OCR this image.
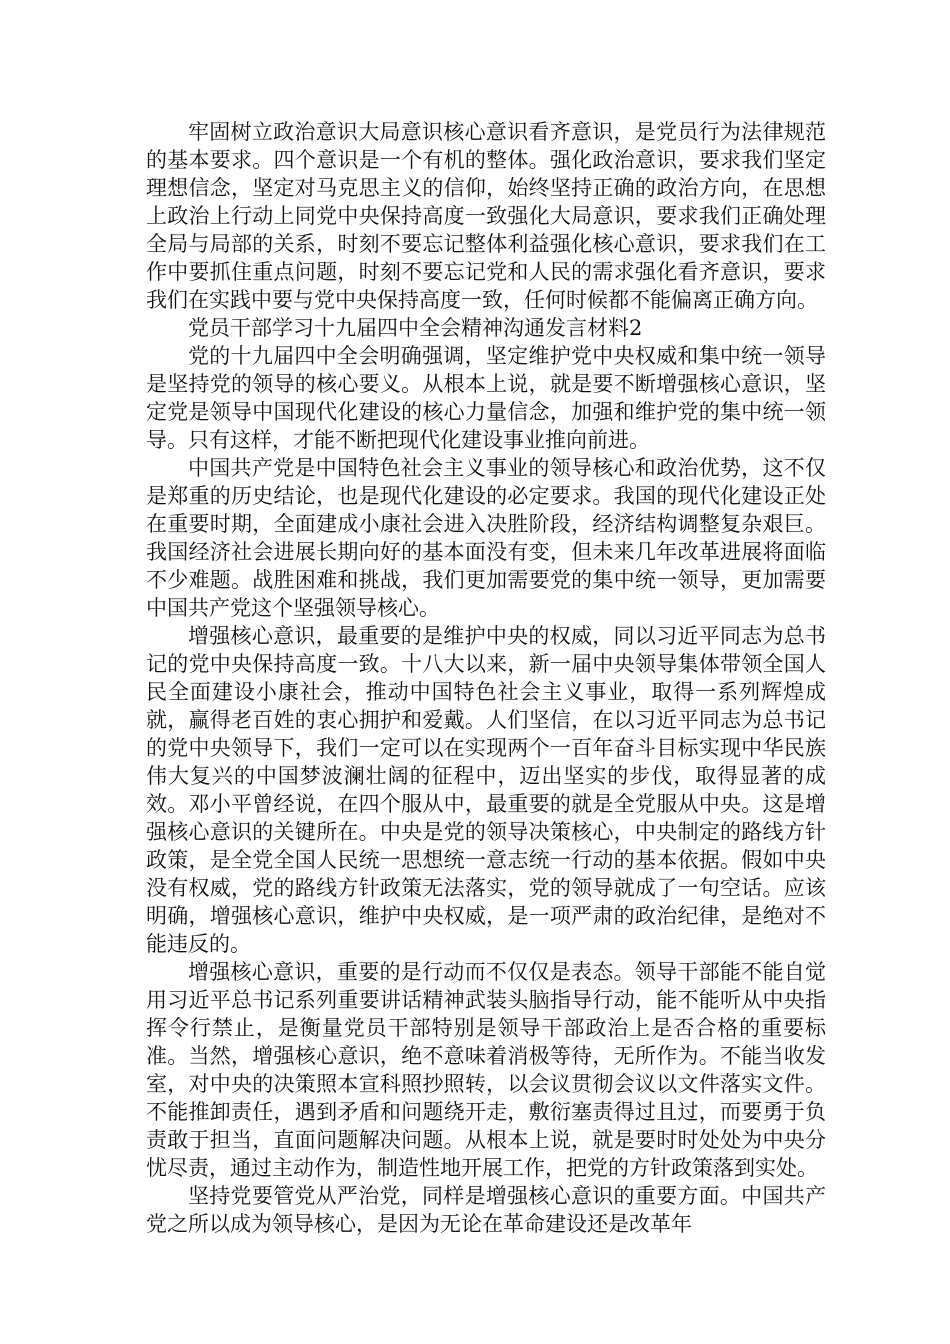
牢固树立政治意识大局意识核心意识看齐意识，是党员行为法律规范的基本要求。四个意识是一个有机的整体。强化政治意识，要求我们坚定理想信念，坚定对马克思主义的信仰，始终坚持正确的政治方向，在思想上政治上行动上同党中央保持高度一致强化大局意识，要求我们正确处理全局与局部的关系，时刻不要忘记整体利益强化核心意识，要求我们在工作中要抓住重点问题，时刻不要忘记党和人民的需求强化看齐意识，要求我们在实践中要与党中央保持高度一致，任何时候都不能偏离正确方向。

党员干部学习十九届四中全会精神沟通发言材料2

党的十九届四中全会明确强调，坚定维护党中央权威和集中统一领导是坚持党的领导的核心要义。从根本上说，就是要不断增强核心意识，坚定党是领导中国现代化建设的核心力量信念，加强和维护党的集中统一领导。只有这样，才能不断把现代化建设事业推向前进。

中国共产党是中国特色社会主义事业的领导核心和政治优势，这不仅是郑重的历史结论，也是现代化建设的必定要求。我国的现代化建设正处在重要时期，全面建成小康社会进入决胜阶段，经济结构调整复杂艰巨。我国经济社会进展长期向好的基本面没有变，但未来几年改革进展将面临不少难题。战胜困难和挑战，我们更加需要党的集中统一领导，更加需要中国共产党这个坚强领导核心。

增强核心意识，最重要的是维护中央的权威，同以习近平同志为总书记的党中央保持高度一致。十八大以来，新一届中央领导集体带领全国人民全面建设小康社会，推动中国特色社会主义事业，取得一系列辉煌成就，赢得老百姓的衷心拥护和爱戴。人们坚信，在以习近平同志为总书记的党中央领导下，我们一定可以在实现两个一百年奋斗目标实现中华民族伟大复兴的中国梦波澜壮阔的征程中，迈出坚实的步伐，取得显著的成效。邓小平曾经说，在四个服从中，最重要的就是全党服从中央。这是增强核心意识的关键所在。中央是党的领导决策核心，中央制定的路线方针政策，是全党全国人民统一思想统一意志统一行动的基本依据。假如中央没有权威，党的路线方针政策无法落实，党的领导就成了一句空话。应该明确，增强核心意识，维护中央权威，是一项严肃的政治纪律，是绝对不能违反的。

增强核心意识，重要的是行动而不仅仅是表态。领导干部能不能自觉用习近平总书记系列重要讲话精神武装头脑指导行动，能不能听从中央指挥令行禁止，是衡量党员干部特别是领导干部政治上是否合格的重要标准。当然，增强核心意识，绝不意味着消极等待，无所作为。不能当收发室，对中央的决策照本宣科照抄照转，以会议贯彻会议以文件落实文件。不能推卸责任，遇到矛盾和问题绕开走，敷衍塞责得过且过，而要勇于负责敢于担当，直面问题解决问题。从根本上说，就是要时时处处为中央分忧尽责，通过主动作为，制造性地开展工作，把党的方针政策落到实处。

坚持党要管党从严治党，同样是增强核心意识的重要方面。中国共产党之所以成为领导核心，是因为无论在革命建设还是改革年
